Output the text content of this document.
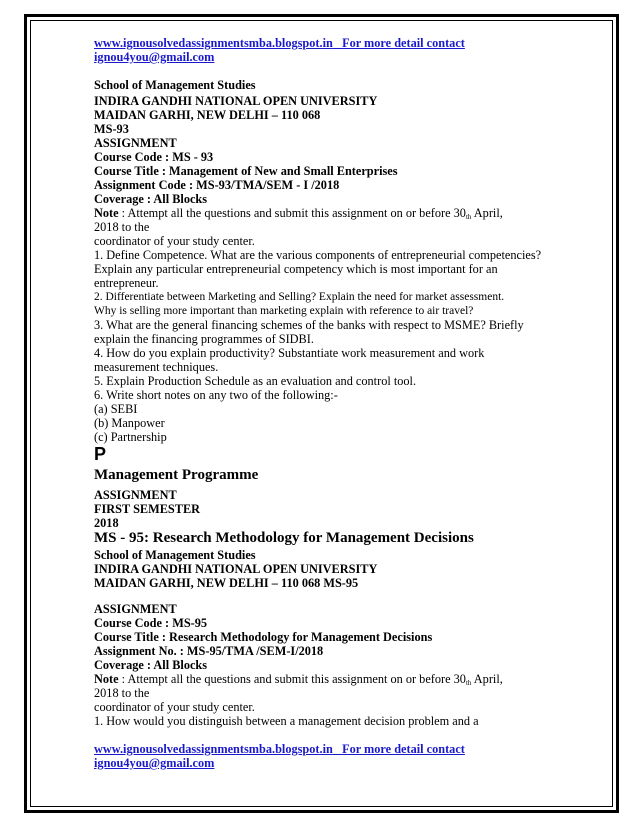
www.ignousolvedassignmentsmba.blogspot.in For more detail contact
ignou4you@gmail.com
School of Management Studies
INDIRA GANDHI NATIONAL OPEN UNIVERSITY
MAIDAN GARHI, NEW DELHI – 110 068
MS-93
ASSIGNMENT
Course Code : MS - 93
Course Title : Management of New and Small Enterprises
Assignment Code : MS-93/TMA/SEM - I /2018
Coverage : All Blocks
Note : Attempt all the questions and submit this assignment on or before 30th April,
2018 to the
coordinator of your study center.
1. Define Competence. What are the various components of entrepreneurial competencies?
Explain any particular entrepreneurial competency which is most important for an
entrepreneur.
2. Differentiate between Marketing and Selling? Explain the need for market assessment.
Why is selling more important than marketing explain with reference to air travel?
3. What are the general financing schemes of the banks with respect to MSME? Briefly
explain the financing programmes of SIDBI.
4. How do you explain productivity? Substantiate work measurement and work
measurement techniques.
5. Explain Production Schedule as an evaluation and control tool.
6. Write short notes on any two of the following:-
(a) SEBI
(b) Manpower
(c) Partnership
P
Management Programme
ASSIGNMENT
FIRST SEMESTER
2018
MS - 95: Research Methodology for Management Decisions
School of Management Studies
INDIRA GANDHI NATIONAL OPEN UNIVERSITY
MAIDAN GARHI, NEW DELHI – 110 068 MS-95
ASSIGNMENT
Course Code : MS-95
Course Title : Research Methodology for Management Decisions
Assignment No. : MS-95/TMA /SEM-I/2018
Coverage : All Blocks
Note : Attempt all the questions and submit this assignment on or before 30th April,
2018 to the
coordinator of your study center.
1. How would you distinguish between a management decision problem and a
www.ignousolvedassignmentsmba.blogspot.in For more detail contact
ignou4you@gmail.com
